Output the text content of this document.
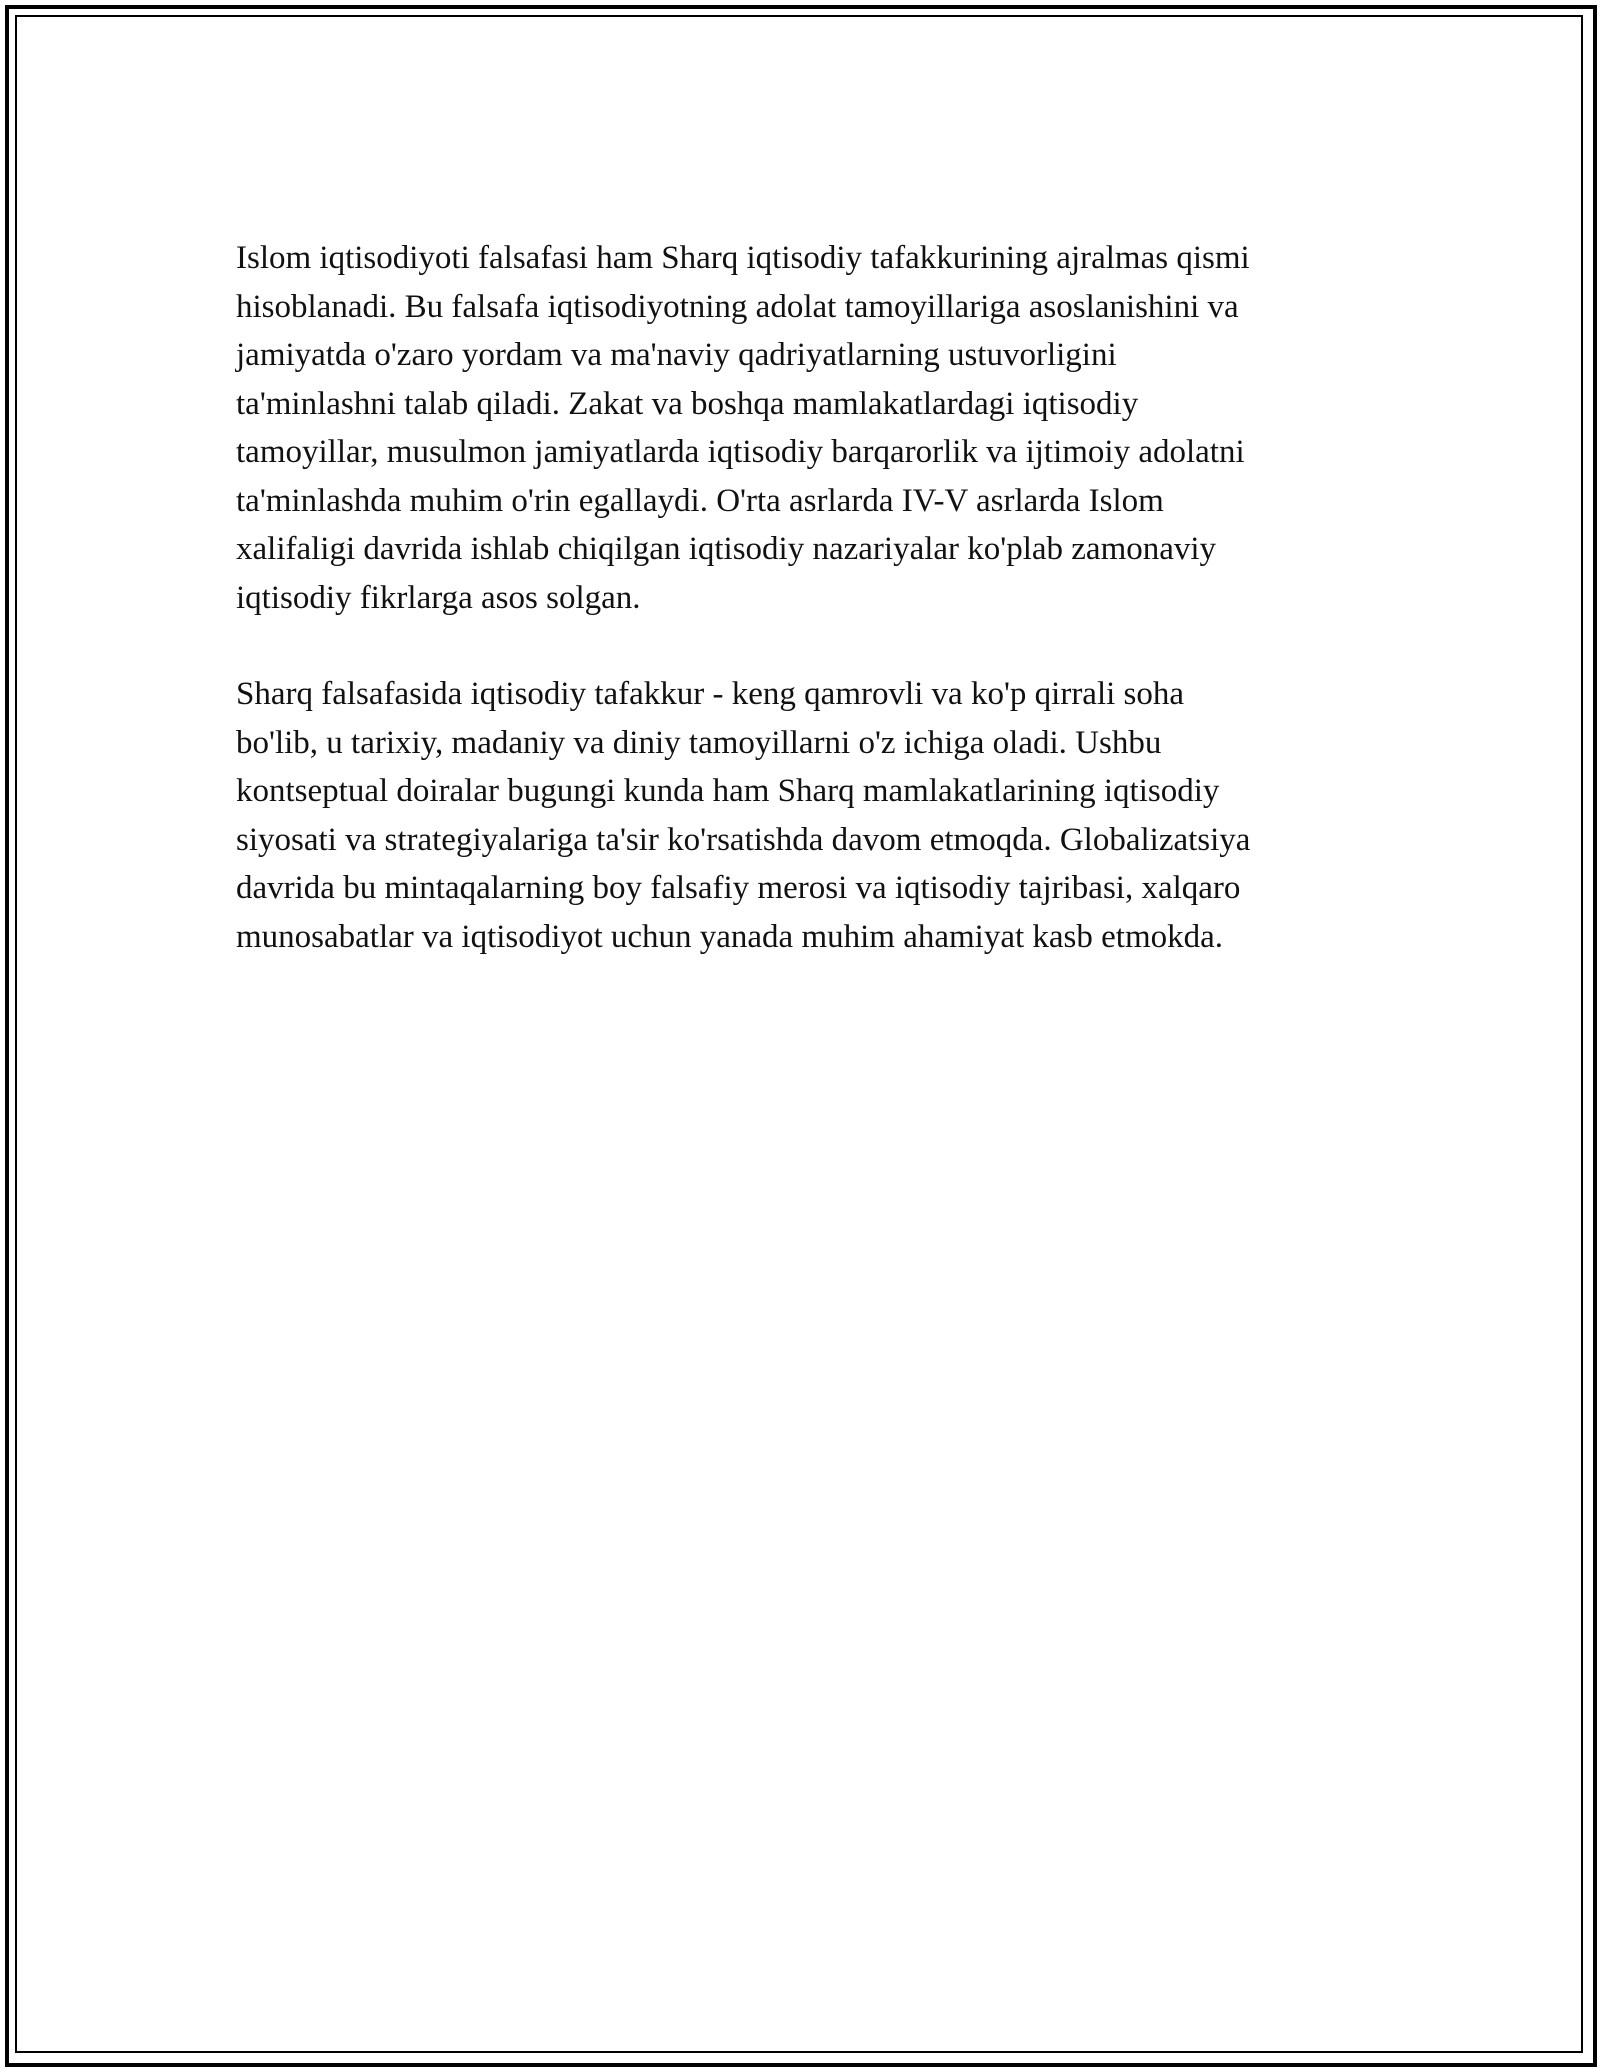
Islom iqtisodiyoti falsafasi ham Sharq iqtisodiy tafakkurining ajralmas qismi
hisoblanadi. Bu falsafa iqtisodiyotning adolat tamoyillariga asoslanishini va
jamiyatda o'zaro yordam va ma'naviy qadriyatlarning ustuvorligini
ta'minlashni talab qiladi. Zakat va boshqa mamlakatlardagi iqtisodiy
tamoyillar, musulmon jamiyatlarda iqtisodiy barqarorlik va ijtimoiy adolatni
ta'minlashda muhim o'rin egallaydi. O'rta asrlarda IV-V asrlarda Islom
xalifaligi davrida ishlab chiqilgan iqtisodiy nazariyalar ko'plab zamonaviy
iqtisodiy fikrlarga asos solgan.

Sharq falsafasida iqtisodiy tafakkur - keng qamrovli va ko'p qirrali soha
bo'lib, u tarixiy, madaniy va diniy tamoyillarni o'z ichiga oladi. Ushbu
kontseptual doiralar bugungi kunda ham Sharq mamlakatlarining iqtisodiy
siyosati va strategiyalariga ta'sir ko'rsatishda davom etmoqda. Globalizatsiya
davrida bu mintaqalarning boy falsafiy merosi va iqtisodiy tajribasi, xalqaro
munosabatlar va iqtisodiyot uchun yanada muhim ahamiyat kasb etmokda.
